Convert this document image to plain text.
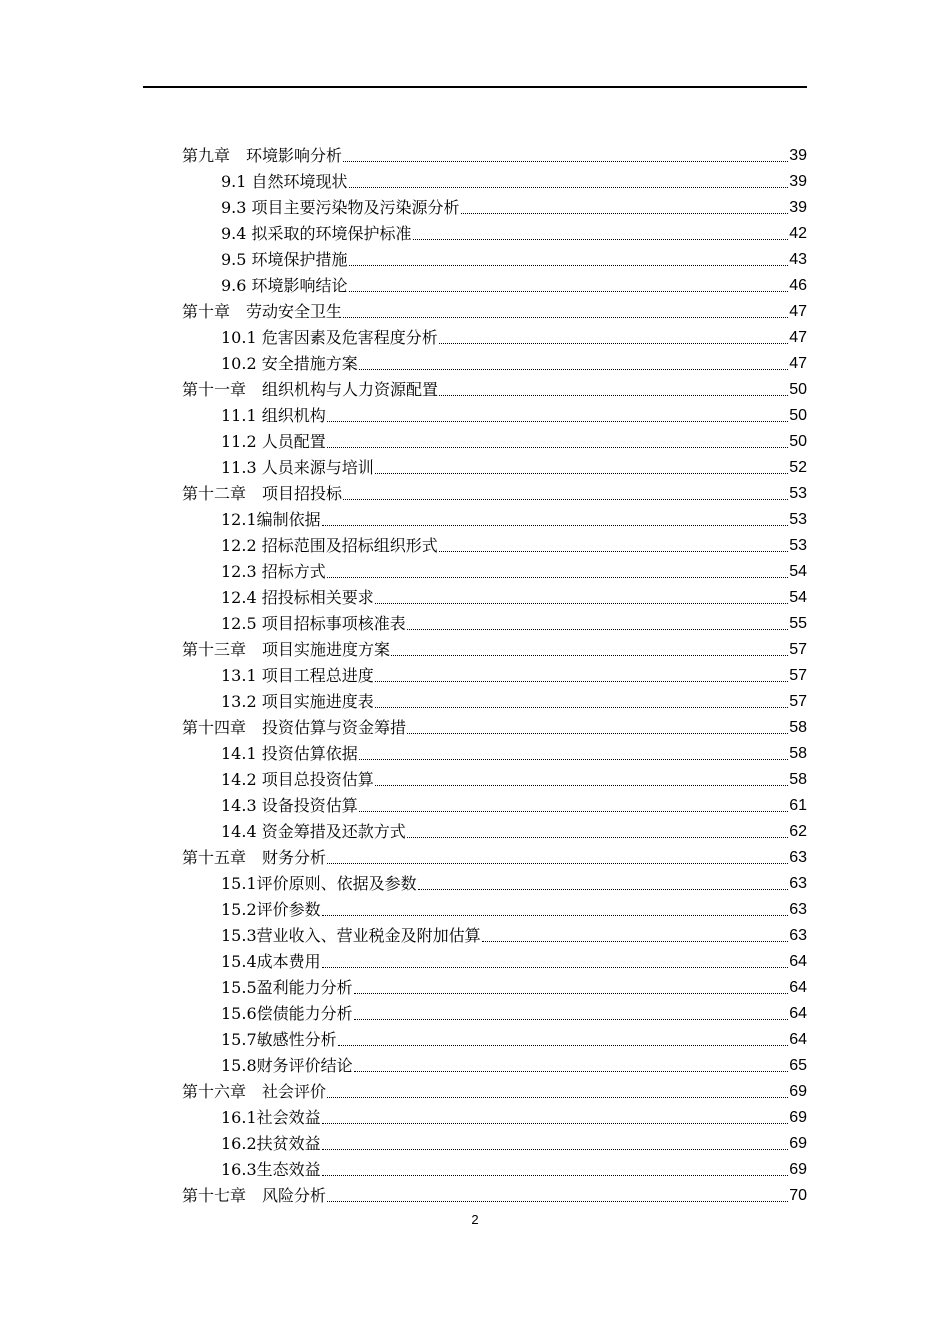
第九章　环境影响分析	39
9.1 自然环境现状	39
9.3 项目主要污染物及污染源分析	39
9.4 拟采取的环境保护标准	42
9.5 环境保护措施	43
9.6 环境影响结论	46
第十章　劳动安全卫生	47
10.1 危害因素及危害程度分析	47
10.2 安全措施方案	47
第十一章　组织机构与人力资源配置	50
11.1 组织机构	50
11.2 人员配置	50
11.3 人员来源与培训	52
第十二章　项目招投标	53
12.1编制依据	53
12.2 招标范围及招标组织形式	53
12.3 招标方式	54
12.4 招投标相关要求	54
12.5 项目招标事项核准表	55
第十三章　项目实施进度方案	57
13.1 项目工程总进度	57
13.2 项目实施进度表	57
第十四章　投资估算与资金筹措	58
14.1 投资估算依据	58
14.2 项目总投资估算	58
14.3 设备投资估算	61
14.4 资金筹措及还款方式	62
第十五章　财务分析	63
15.1评价原则、依据及参数	63
15.2评价参数	63
15.3营业收入、营业税金及附加估算	63
15.4成本费用	64
15.5盈利能力分析	64
15.6偿债能力分析	64
15.7敏感性分析	64
15.8财务评价结论	65
第十六章　社会评价	69
16.1社会效益	69
16.2扶贫效益	69
16.3生态效益	69
第十七章　风险分析	70
2
